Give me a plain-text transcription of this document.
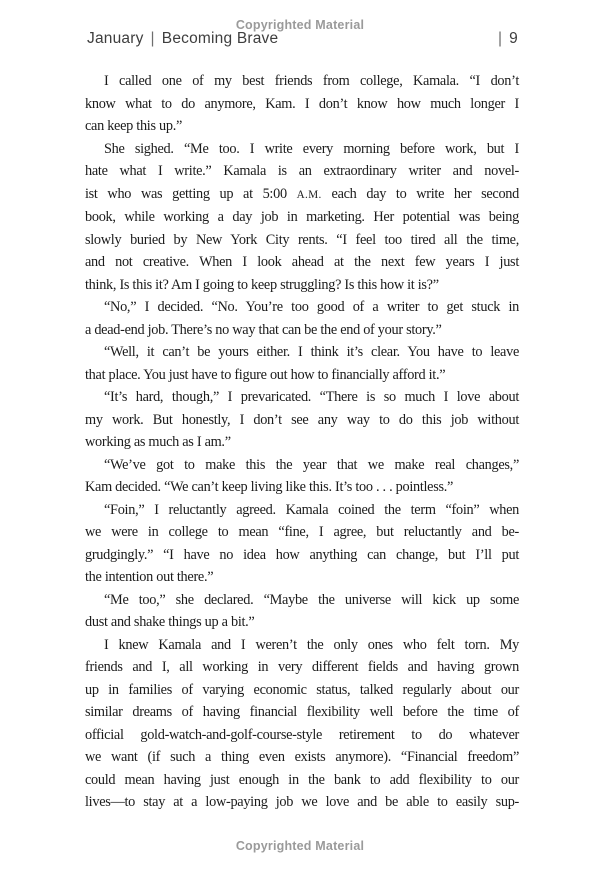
Copyrighted Material
January | Becoming Brave	| 9
I called one of my best friends from college, Kamala. “I don’t
know what to do anymore, Kam. I don’t know how much longer I
can keep this up.”
She sighed. “Me too. I write every morning before work, but I
hate what I write.” Kamala is an extraordinary writer and novel-
ist who was getting up at 5:00 A.M. each day to write her second
book, while working a day job in marketing. Her potential was being
slowly buried by New York City rents. “I feel too tired all the time,
and not creative. When I look ahead at the next few years I just
think, Is this it? Am I going to keep struggling? Is this how it is?”
“No,” I decided. “No. You’re too good of a writer to get stuck in
a dead-end job. There’s no way that can be the end of your story.”
“Well, it can’t be yours either. I think it’s clear. You have to leave
that place. You just have to figure out how to financially afford it.”
“It’s hard, though,” I prevaricated. “There is so much I love about
my work. But honestly, I don’t see any way to do this job without
working as much as I am.”
“We’ve got to make this the year that we make real changes,”
Kam decided. “We can’t keep living like this. It’s too . . . pointless.”
“Foin,” I reluctantly agreed. Kamala coined the term “foin” when
we were in college to mean “fine, I agree, but reluctantly and be-
grudgingly.” “I have no idea how anything can change, but I’ll put
the intention out there.”
“Me too,” she declared. “Maybe the universe will kick up some
dust and shake things up a bit.”
I knew Kamala and I weren’t the only ones who felt torn. My
friends and I, all working in very different fields and having grown
up in families of varying economic status, talked regularly about our
similar dreams of having financial flexibility well before the time of
official gold-watch-and-golf-course-style retirement to do whatever
we want (if such a thing even exists anymore). “Financial freedom”
could mean having just enough in the bank to add flexibility to our
lives—to stay at a low-paying job we love and be able to easily sup-
Copyrighted Material
